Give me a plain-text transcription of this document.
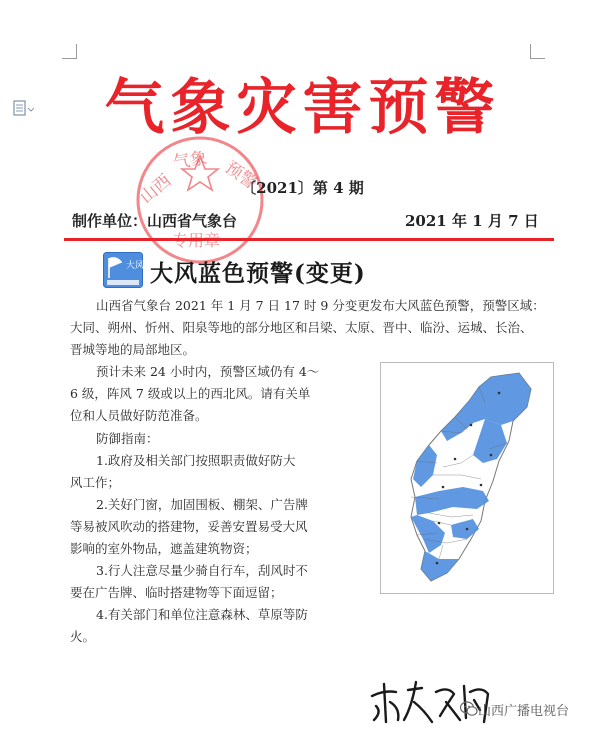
气象灾害预警
山西
气象 预警
〔2021〕第 4 期
制作单位：山西省气象台	2021 年 1 月 7 日
大风 大风蓝色预警(变更)
山西省气象台 2021 年 1 月 7 日 17 时 9 分变更发布大风蓝色预警，预警区域：
大同、朔州、忻州、阳泉等地的部分地区和吕梁、太原、晋中、临汾、运城、长治、
晋城等地的局部地区。
预计未来 24 小时内，预警区域仍有 4～
6 级，阵风 7 级或以上的西北风。请有关单
位和人员做好防范准备。
防御指南：
1.政府及相关部门按照职责做好防大
风工作；
2.关好门窗，加固围板、棚架、广告牌
等易被风吹动的搭建物，妥善安置易受大风
影响的室外物品，遮盖建筑物资；
3.行人注意尽量少骑自行车，刮风时不
要在广告牌、临时搭建物等下面逗留；
4.有关部门和单位注意森林、草原等防
火。
山西广播电视台
